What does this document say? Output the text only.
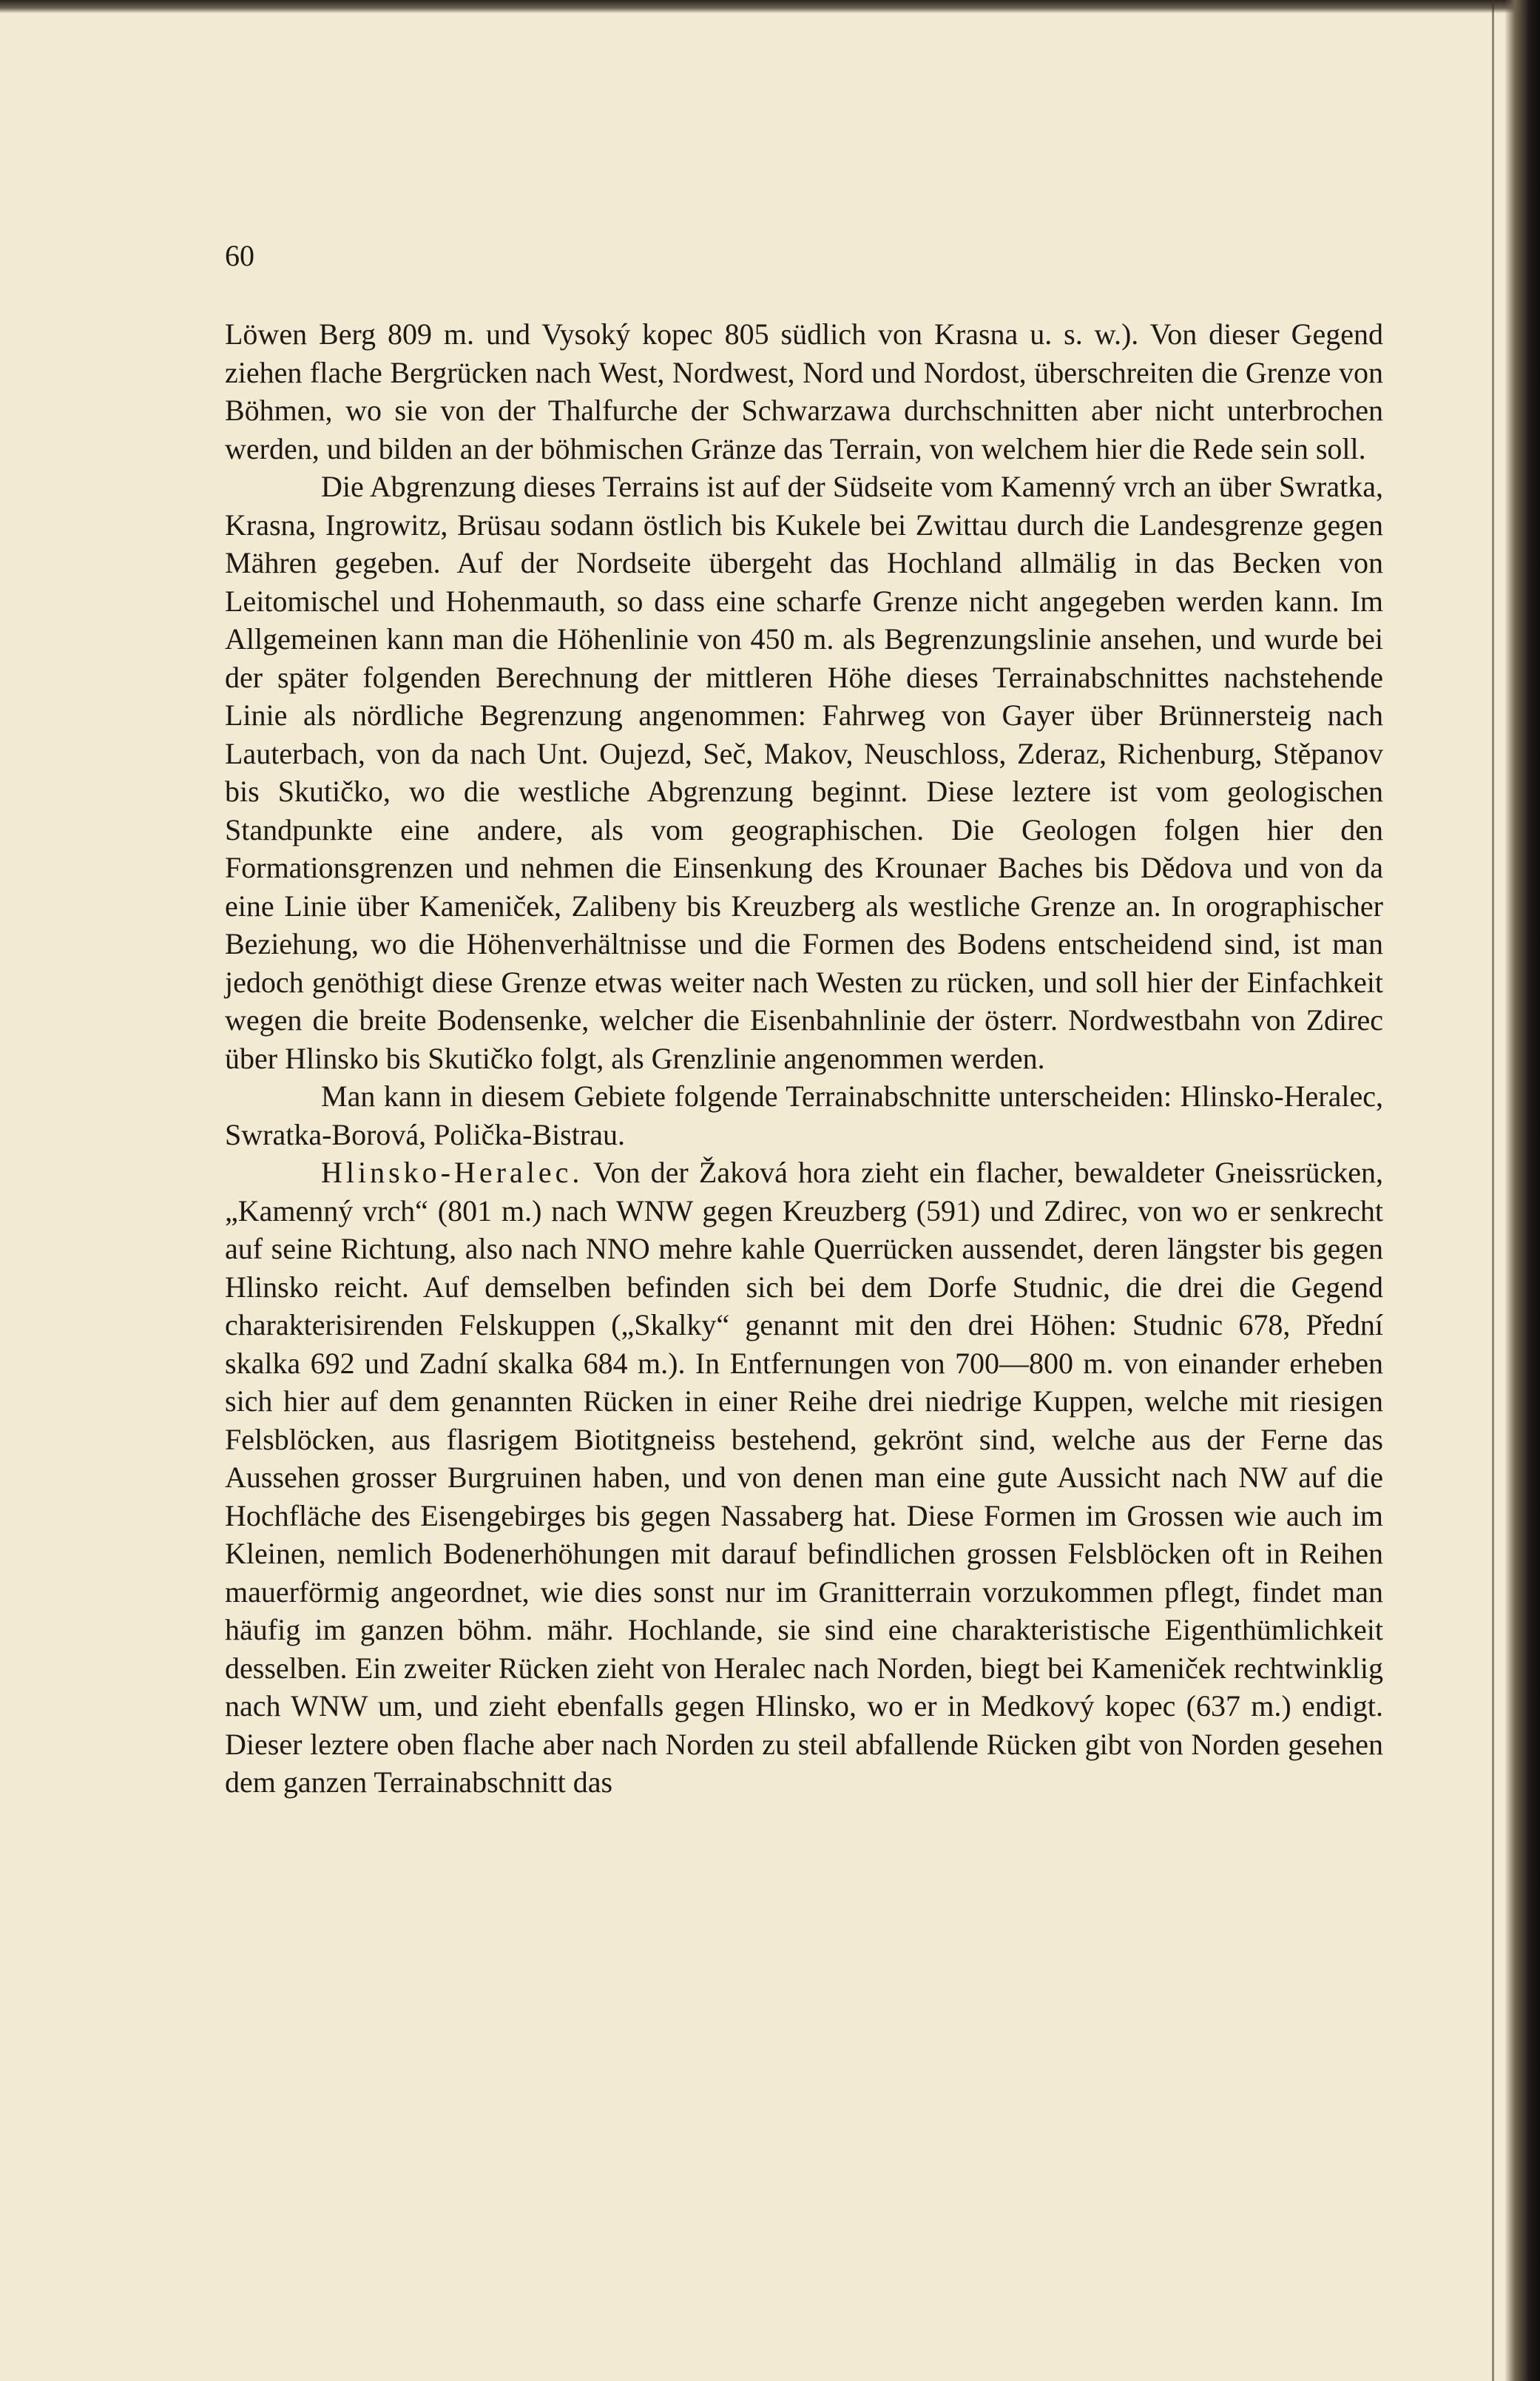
60

Löwen Berg 809 m. und Vysoký kopec 805 südlich von Krasna u. s. w.). Von dieser Gegend ziehen flache Bergrücken nach West, Nordwest, Nord und Nordost, überschreiten die Grenze von Böhmen, wo sie von der Thalfurche der Schwarzawa durchschnitten aber nicht unterbrochen werden, und bilden an der böhmischen Gränze das Terrain, von welchem hier die Rede sein soll.

Die Abgrenzung dieses Terrains ist auf der Südseite vom Kamenný vrch an über Swratka, Krasna, Ingrowitz, Brüsau sodann östlich bis Kukele bei Zwittau durch die Landesgrenze gegen Mähren gegeben. Auf der Nordseite übergeht das Hochland allmälig in das Becken von Leitomischel und Hohenmauth, so dass eine scharfe Grenze nicht angegeben werden kann. Im Allgemeinen kann man die Höhenlinie von 450 m. als Begrenzungslinie ansehen, und wurde bei der später folgenden Berechnung der mittleren Höhe dieses Terrainabschnittes nachstehende Linie als nördliche Begrenzung angenommen: Fahrweg von Gayer über Brünnersteig nach Lauterbach, von da nach Unt. Oujezd, Seč, Makov, Neuschloss, Zderaz, Richenburg, Stěpanov bis Skutičko, wo die westliche Abgrenzung beginnt. Diese leztere ist vom geologischen Standpunkte eine andere, als vom geographischen. Die Geologen folgen hier den Formationsgrenzen und nehmen die Einsenkung des Krounaer Baches bis Dědova und von da eine Linie über Kameniček, Zalibeny bis Kreuzberg als westliche Grenze an. In orographischer Beziehung, wo die Höhenverhältnisse und die Formen des Bodens entscheidend sind, ist man jedoch genöthigt diese Grenze etwas weiter nach Westen zu rücken, und soll hier der Einfachkeit wegen die breite Bodensenke, welcher die Eisenbahnlinie der österr. Nordwestbahn von Zdirec über Hlinsko bis Skutičko folgt, als Grenzlinie angenommen werden.

Man kann in diesem Gebiete folgende Terrainabschnitte unterscheiden: Hlinsko-Heralec, Swratka-Borová, Polička-Bistrau.

Hlinsko-Heralec. Von der Žaková hora zieht ein flacher, bewaldeter Gneissrücken, „Kamenný vrch“ (801 m.) nach WNW gegen Kreuzberg (591) und Zdirec, von wo er senkrecht auf seine Richtung, also nach NNO mehre kahle Querrücken aussendet, deren längster bis gegen Hlinsko reicht. Auf demselben befinden sich bei dem Dorfe Studnic, die drei die Gegend charakterisirenden Felskuppen („Skalky“ genannt mit den drei Höhen: Studnic 678, Přední skalka 692 und Zadní skalka 684 m.). In Entfernungen von 700—800 m. von einander erheben sich hier auf dem genannten Rücken in einer Reihe drei niedrige Kuppen, welche mit riesigen Felsblöcken, aus flasrigem Biotitgneiss bestehend, gekrönt sind, welche aus der Ferne das Aussehen grosser Burgruinen haben, und von denen man eine gute Aussicht nach NW auf die Hochfläche des Eisengebirges bis gegen Nassaberg hat. Diese Formen im Grossen wie auch im Kleinen, nemlich Bodenerhöhungen mit darauf befindlichen grossen Felsblöcken oft in Reihen mauerförmig angeordnet, wie dies sonst nur im Granitterrain vorzukommen pflegt, findet man häufig im ganzen böhm. mähr. Hochlande, sie sind eine charakteristische Eigenthümlichkeit desselben. Ein zweiter Rücken zieht von Heralec nach Norden, biegt bei Kameniček rechtwinklig nach WNW um, und zieht ebenfalls gegen Hlinsko, wo er in Medkový kopec (637 m.) endigt. Dieser leztere oben flache aber nach Norden zu steil abfallende Rücken gibt von Norden gesehen dem ganzen Terrainabschnitt das
